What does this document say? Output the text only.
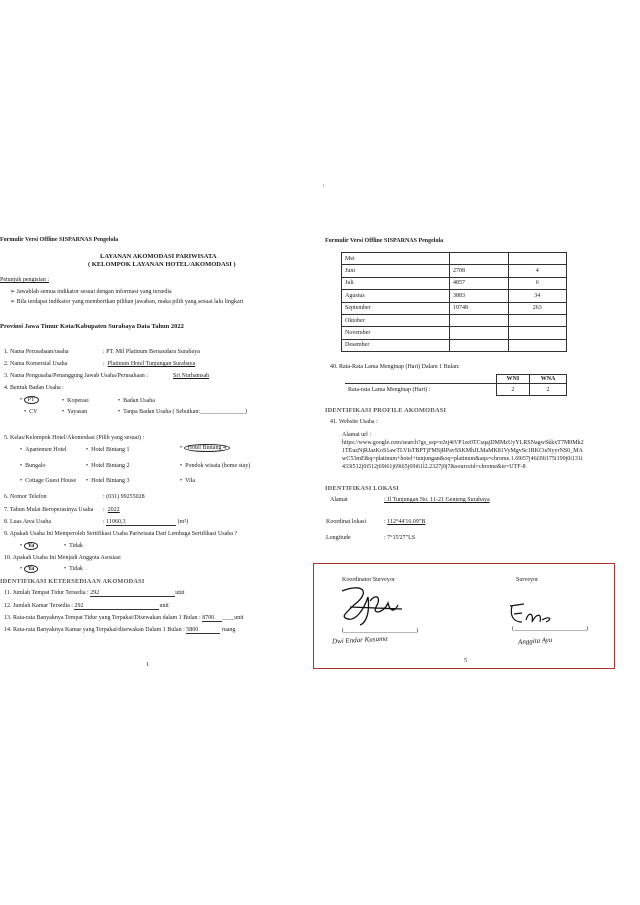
Formulir Versi Offline SISPARNAS Pengelola
LAYANAN AKOMODASI PARIWISATA
( KELOMPOK LAYANAN HOTEL/AKOMODASI )
Petunjuk pengisian :
➢ Jawablah semua indikator sesuai dengan informasi yang tersedia
➢ Bila terdapat indikator yang memberikan pilihan jawaban, maka pilih yang sesuai lalu lingkari
Provinsi Jawa Timur Kota/Kabupaten Surabaya Data Tahun 2022
1. Nama Perusahaan/usaha	: PT. Mil Platinum Bersaudara Surabaya
2. Nama Komersial Usaha	:  Platinum Hotel Tunjungan Surabaya
3. Nama Pengusaha/Penanggung Jawab Usaha/Perusahaan :	Sri Nurhamsah
4. Bentuk Badan Usaha :
• PT	•  Koperasi	•  Badan Usaha
•  CV	•  Yayasan	•  Tanpa Badan Usaha ( Sebutkan:_______________)
5. Kelas/Kelompok Hotel/Akomodasi (Pilih yang sesuai) :
•  Apartemen Hotel	•  Hotel Bintang 1	• Hotel Bintang 4
•  Bungalo	•  Hotel Bintang 2	•  Pondok wisata (home stay)
•  Cottage Guest House •  Hotel Bintang 3	•  Vila
6. Nomor Telefon	: (031) 99255028
7. Tahun Mulai Beroperasinya Usaha :  2022
8. Luas Area Usaha	: 11060,3	(m²)
9. Apakah Usaha Ini Memperoleh Sertifikasi Usaha Pariwisata Dari Lembaga Sertifikasi Usaha ?
• Ya	•  Tidak
10. Apakah Usaha Ini Menjadi Anggota Asosiasi
• Ya	•  Tidak
IDENTIFIKASI KETERSEDIAAN AKOMODASI
11. Jumlah Tempat Tidur Tersedia : 292	unit
12. Jumlah Kamar Tersedia : 292	unit
13. Rata-rata Banyaknya Tempat Tidur yang Terpakai/Disewakan dalam 1 Bulan : 8700 ____unit
14. Rata-rata Banyaknya Kamar yang Terpakai/disewakan Dalam 1 Bulan : 5800	ruang
1
ı
Formulir Versi Offline SISPARNAS Pengelola
Mei		
Juni	2708	4
Juli	4857	6
Agustus	3883	34
September	10748	263
Oktober		
November		
Desember		
40. Rata-Rata Lama Menginap (Hari) Dalam 1 Bulan:
	WNI	WNA
Rata-rata Lama Menginap (Hari) :	2	2
IDENTIFIKASI PROFILE AKOMODASI
41. Website Usaha :
Alamat url :
https://www.google.com/search?gs_ssp=eJzj4tVP1ze0TCsqajDMMzUyYLRSNagwSkkxT7M0Mk2
1TEuzNjRJazKoS1awTLVIsTBPTjFMSjRPavSSKMhJLMaMK81VyMgvSc1RKCtsNyyrNS0_MA
wC53mE&q=platinum+hotel+tunjungan&oq=platinum&aqs=chrome.1.69i57j46i39i175i199j0i131i
433i512j0i512j69i61j69i65j69i61l2.2327j0j7&sourceid=chrome&ie=UTF-8
IDENTIFIKASI LOKASI
Alamat	: Jl Tunjungan No. 11-21 Genteng Surabaya
Koordinat lokasi	: 112°44'16.09"B
Longitude	: 7°15'27"LS
Koordinator Surveyor	Surveyor
(________________________)
Dwi Endar Kusuma
(________________________)
Anggita Ayu
5
